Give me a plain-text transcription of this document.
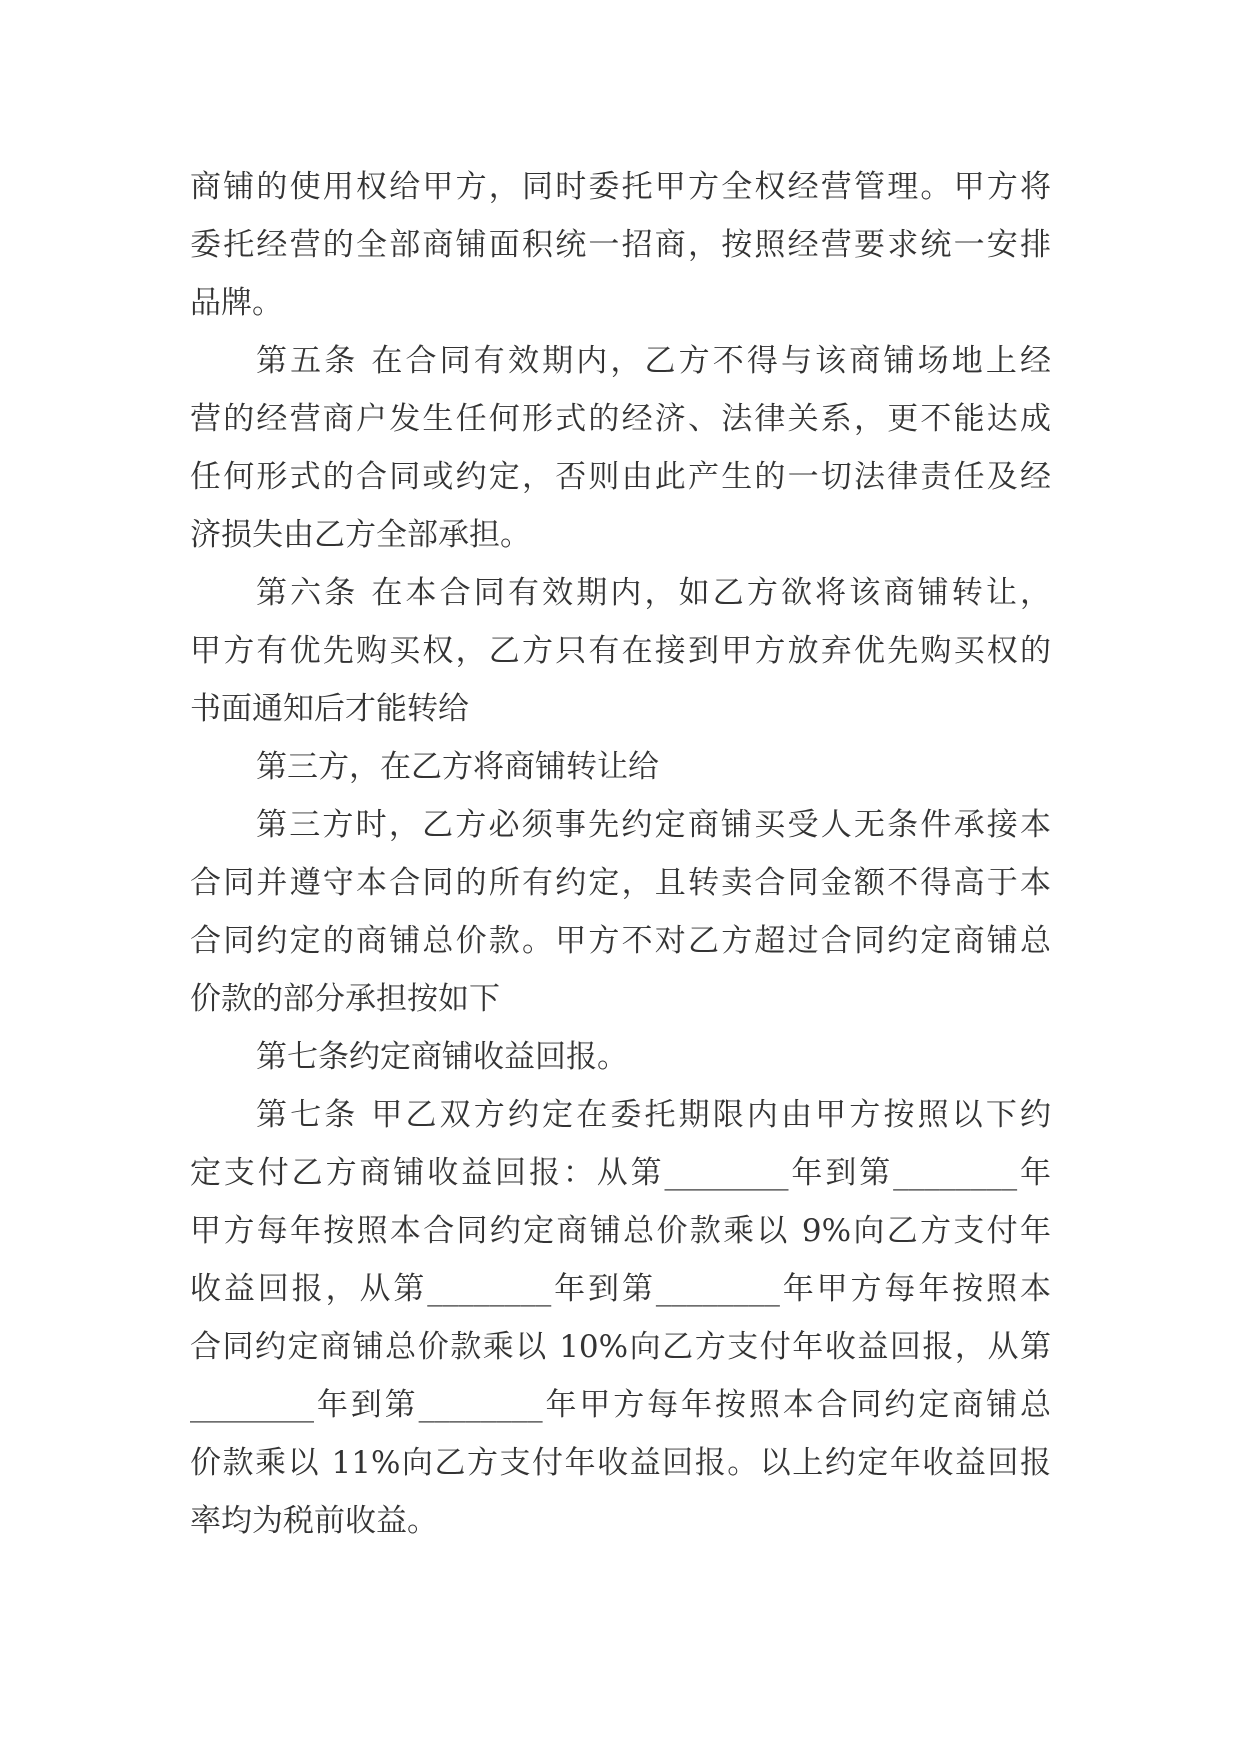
商铺的使用权给甲方，同时委托甲方全权经营管理。甲方将
委托经营的全部商铺面积统一招商，按照经营要求统一安排
品牌。
第五条 在合同有效期内，乙方不得与该商铺场地上经
营的经营商户发生任何形式的经济、法律关系，更不能达成
任何形式的合同或约定，否则由此产生的一切法律责任及经
济损失由乙方全部承担。
第六条 在本合同有效期内，如乙方欲将该商铺转让，
甲方有优先购买权，乙方只有在接到甲方放弃优先购买权的
书面通知后才能转给
第三方，在乙方将商铺转让给
第三方时，乙方必须事先约定商铺买受人无条件承接本
合同并遵守本合同的所有约定，且转卖合同金额不得高于本
合同约定的商铺总价款。甲方不对乙方超过合同约定商铺总
价款的部分承担按如下
第七条约定商铺收益回报。
第七条 甲乙双方约定在委托期限内由甲方按照以下约
定支付乙方商铺收益回报：从第________年到第________年
甲方每年按照本合同约定商铺总价款乘以 9%向乙方支付年
收益回报，从第________年到第________年甲方每年按照本
合同约定商铺总价款乘以 10%向乙方支付年收益回报，从第
________年到第________年甲方每年按照本合同约定商铺总
价款乘以 11%向乙方支付年收益回报。以上约定年收益回报
率均为税前收益。
